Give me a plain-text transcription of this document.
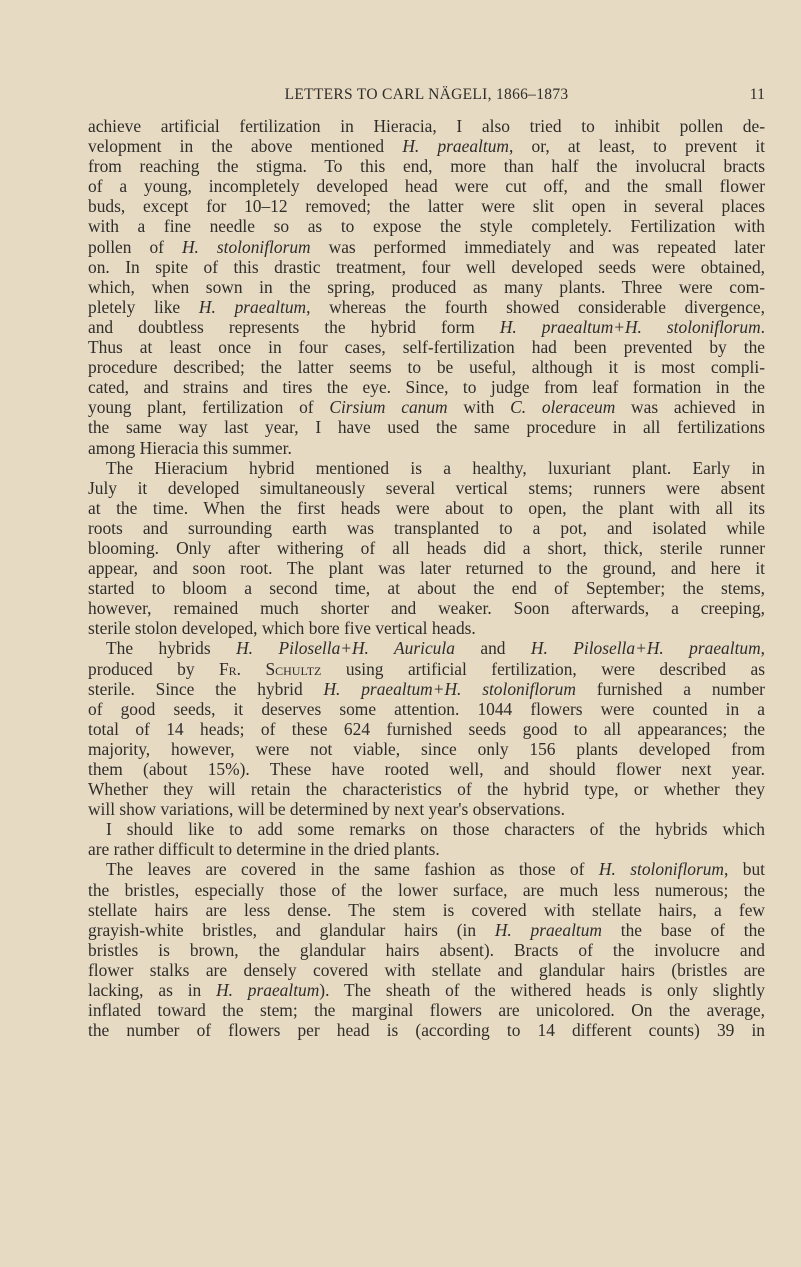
LETTERS TO CARL NÄGELI, 1866–1873	11
achieve artificial fertilization in Hieracia, I also tried to inhibit pollen de-
velopment in the above mentioned H. praealtum, or, at least, to prevent it
from reaching the stigma. To this end, more than half the involucral bracts
of a young, incompletely developed head were cut off, and the small flower
buds, except for 10–12 removed; the latter were slit open in several places
with a fine needle so as to expose the style completely. Fertilization with
pollen of H. stoloniflorum was performed immediately and was repeated later
on. In spite of this drastic treatment, four well developed seeds were obtained,
which, when sown in the spring, produced as many plants. Three were com-
pletely like H. praealtum, whereas the fourth showed considerable divergence,
and doubtless represents the hybrid form H. praealtum+H. stoloniflorum.
Thus at least once in four cases, self-fertilization had been prevented by the
procedure described; the latter seems to be useful, although it is most compli-
cated, and strains and tires the eye. Since, to judge from leaf formation in the
young plant, fertilization of Cirsium canum with C. oleraceum was achieved in
the same way last year, I have used the same procedure in all fertilizations
among Hieracia this summer.
The Hieracium hybrid mentioned is a healthy, luxuriant plant. Early in
July it developed simultaneously several vertical stems; runners were absent
at the time. When the first heads were about to open, the plant with all its
roots and surrounding earth was transplanted to a pot, and isolated while
blooming. Only after withering of all heads did a short, thick, sterile runner
appear, and soon root. The plant was later returned to the ground, and here it
started to bloom a second time, at about the end of September; the stems,
however, remained much shorter and weaker. Soon afterwards, a creeping,
sterile stolon developed, which bore five vertical heads.
The hybrids H. Pilosella+H. Auricula and H. Pilosella+H. praealtum,
produced by Fr. Schultz using artificial fertilization, were described as
sterile. Since the hybrid H. praealtum+H. stoloniflorum furnished a number
of good seeds, it deserves some attention. 1044 flowers were counted in a
total of 14 heads; of these 624 furnished seeds good to all appearances; the
majority, however, were not viable, since only 156 plants developed from
them (about 15%). These have rooted well, and should flower next year.
Whether they will retain the characteristics of the hybrid type, or whether they
will show variations, will be determined by next year's observations.
I should like to add some remarks on those characters of the hybrids which
are rather difficult to determine in the dried plants.
The leaves are covered in the same fashion as those of H. stoloniflorum, but
the bristles, especially those of the lower surface, are much less numerous; the
stellate hairs are less dense. The stem is covered with stellate hairs, a few
grayish-white bristles, and glandular hairs (in H. praealtum the base of the
bristles is brown, the glandular hairs absent). Bracts of the involucre and
flower stalks are densely covered with stellate and glandular hairs (bristles are
lacking, as in H. praealtum). The sheath of the withered heads is only slightly
inflated toward the stem; the marginal flowers are unicolored. On the average,
the number of flowers per head is (according to 14 different counts) 39 in
